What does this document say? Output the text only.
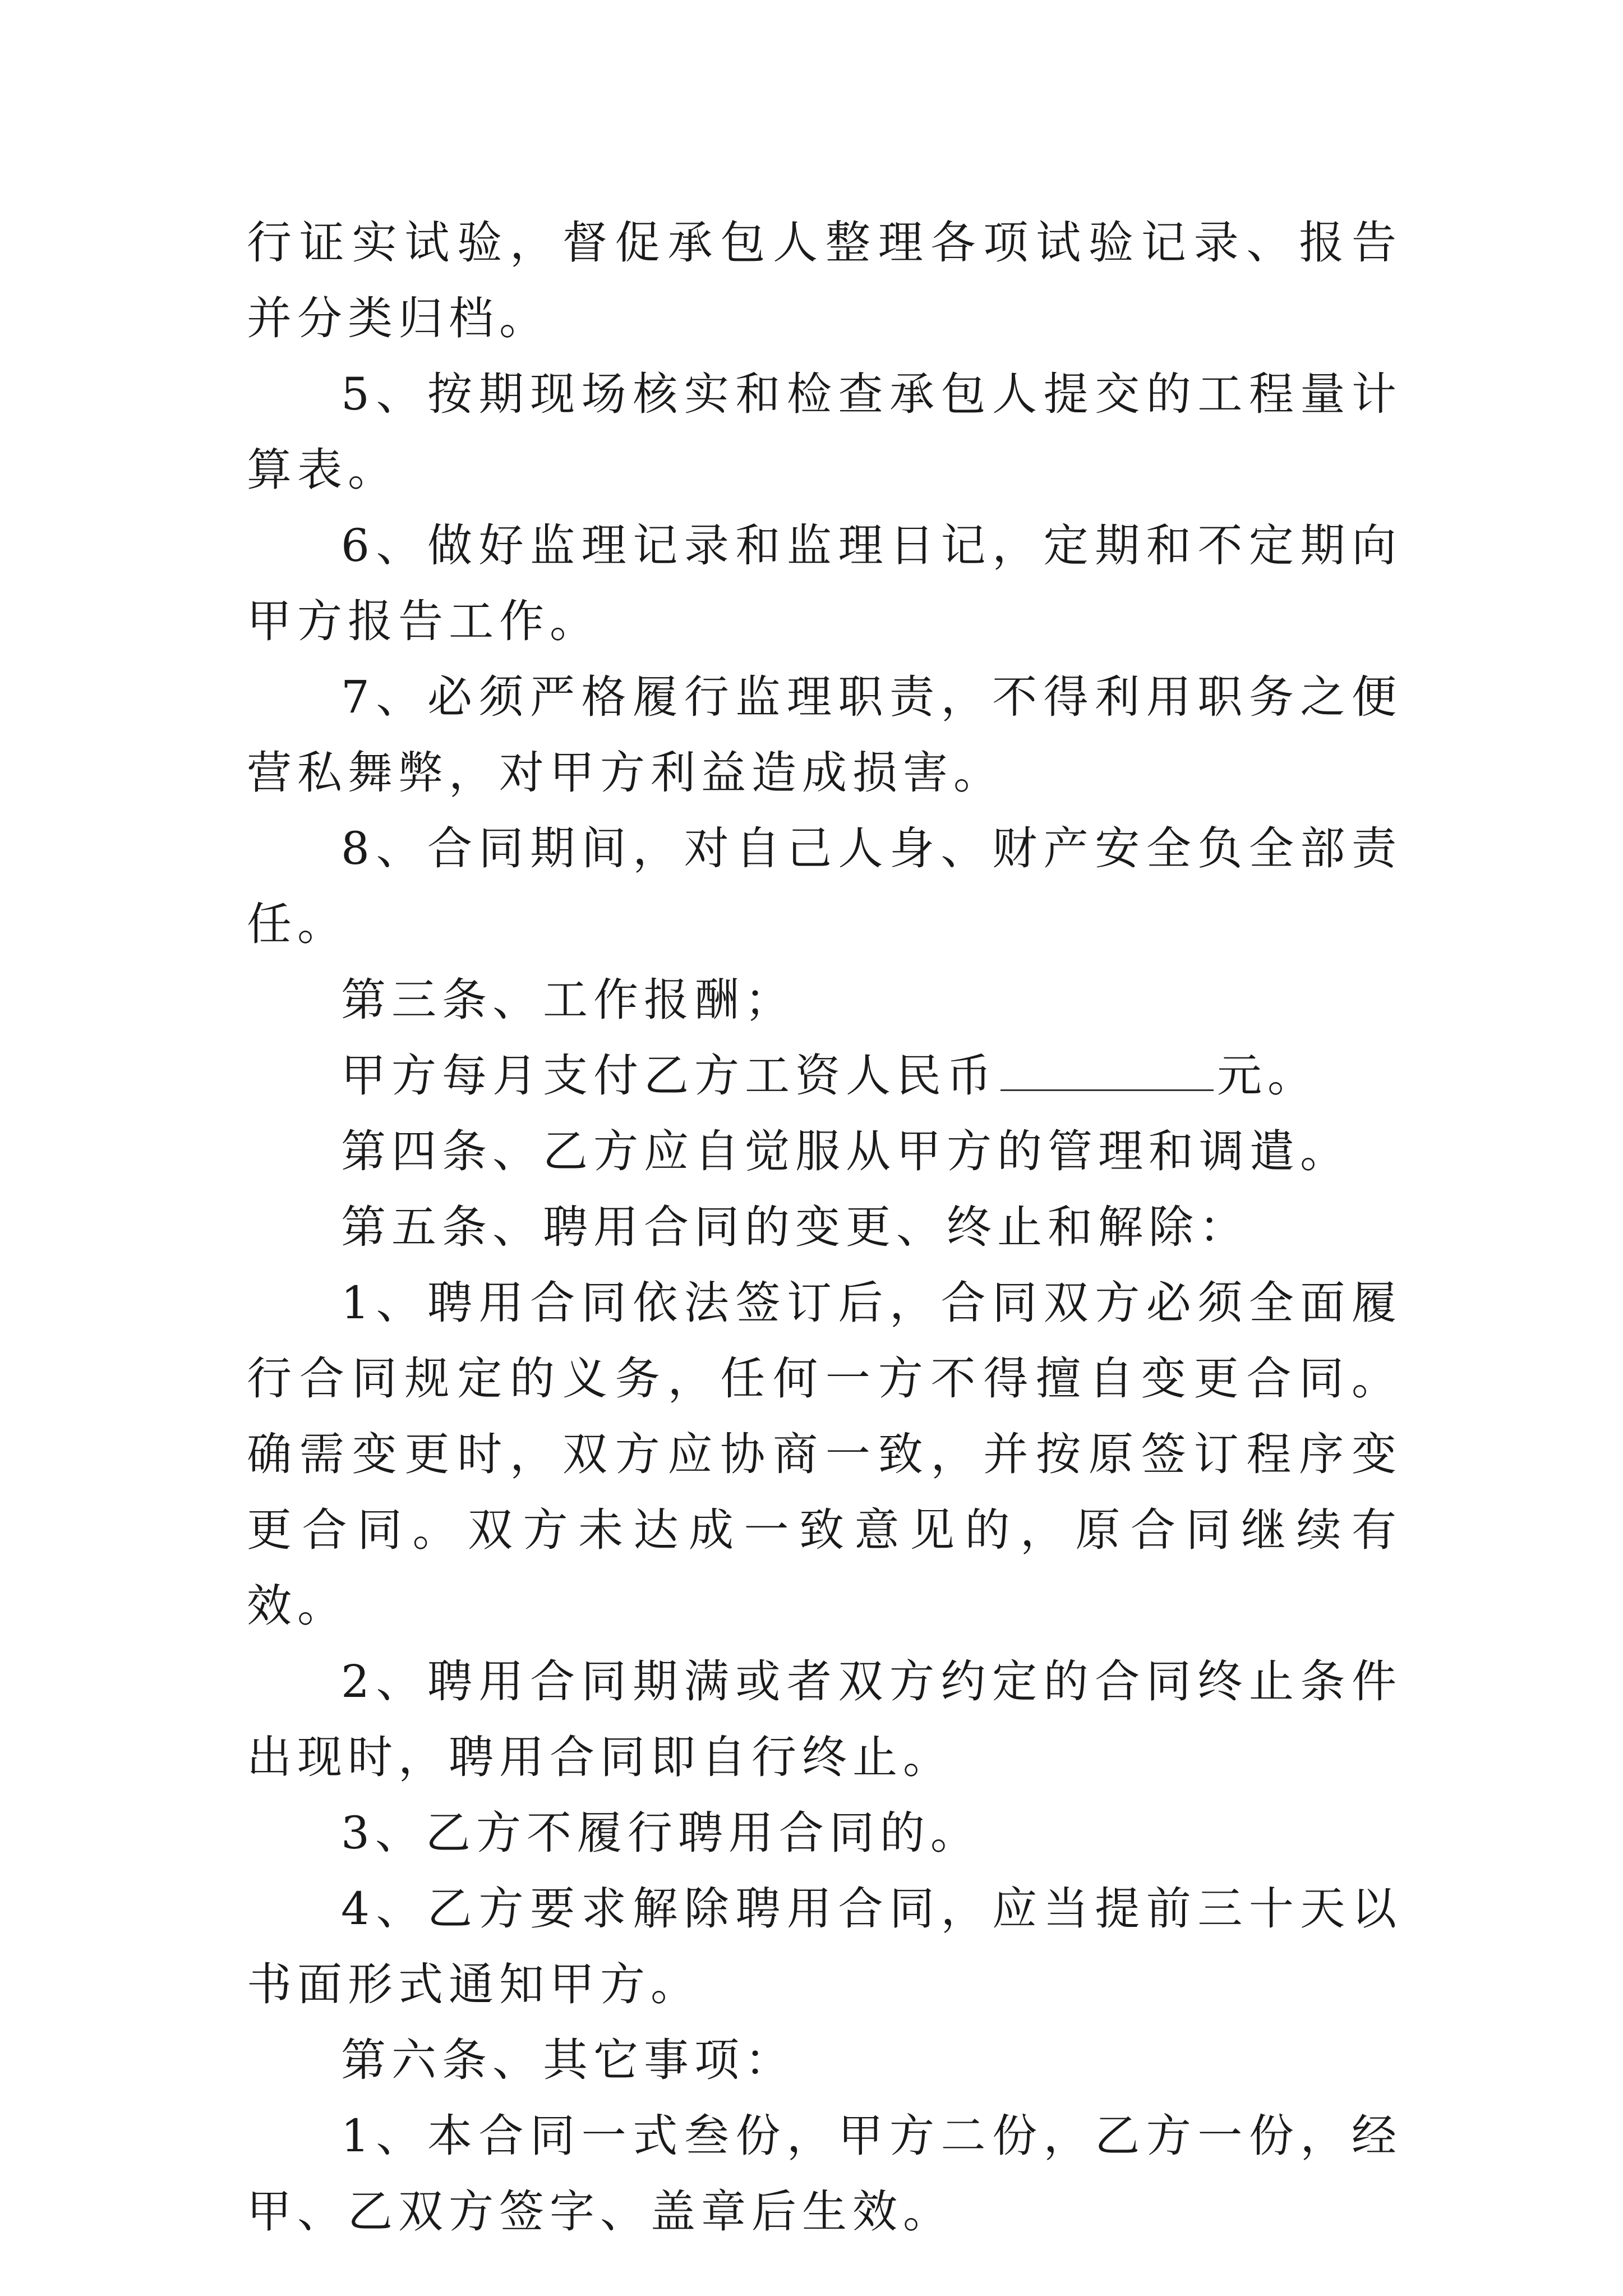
行证实试验，督促承包人整理各项试验记录、报告并分类归档。

5、按期现场核实和检查承包人提交的工程量计算表。

6、做好监理记录和监理日记，定期和不定期向甲方报告工作。

7、必须严格履行监理职责，不得利用职务之便营私舞弊，对甲方利益造成损害。

8、合同期间，对自己人身、财产安全负全部责任。

第三条、工作报酬；

甲方每月支付乙方工资人民币	元。

第四条、乙方应自觉服从甲方的管理和调遣。

第五条、聘用合同的变更、终止和解除：

1、聘用合同依法签订后，合同双方必须全面履行合同规定的义务，任何一方不得擅自变更合同。确需变更时，双方应协商一致，并按原签订程序变更合同。双方未达成一致意见的，原合同继续有效。

2、聘用合同期满或者双方约定的合同终止条件出现时，聘用合同即自行终止。

3、乙方不履行聘用合同的。

4、乙方要求解除聘用合同，应当提前三十天以书面形式通知甲方。

第六条、其它事项：

1、本合同一式叁份，甲方二份，乙方一份，经甲、乙双方签字、盖章后生效。
